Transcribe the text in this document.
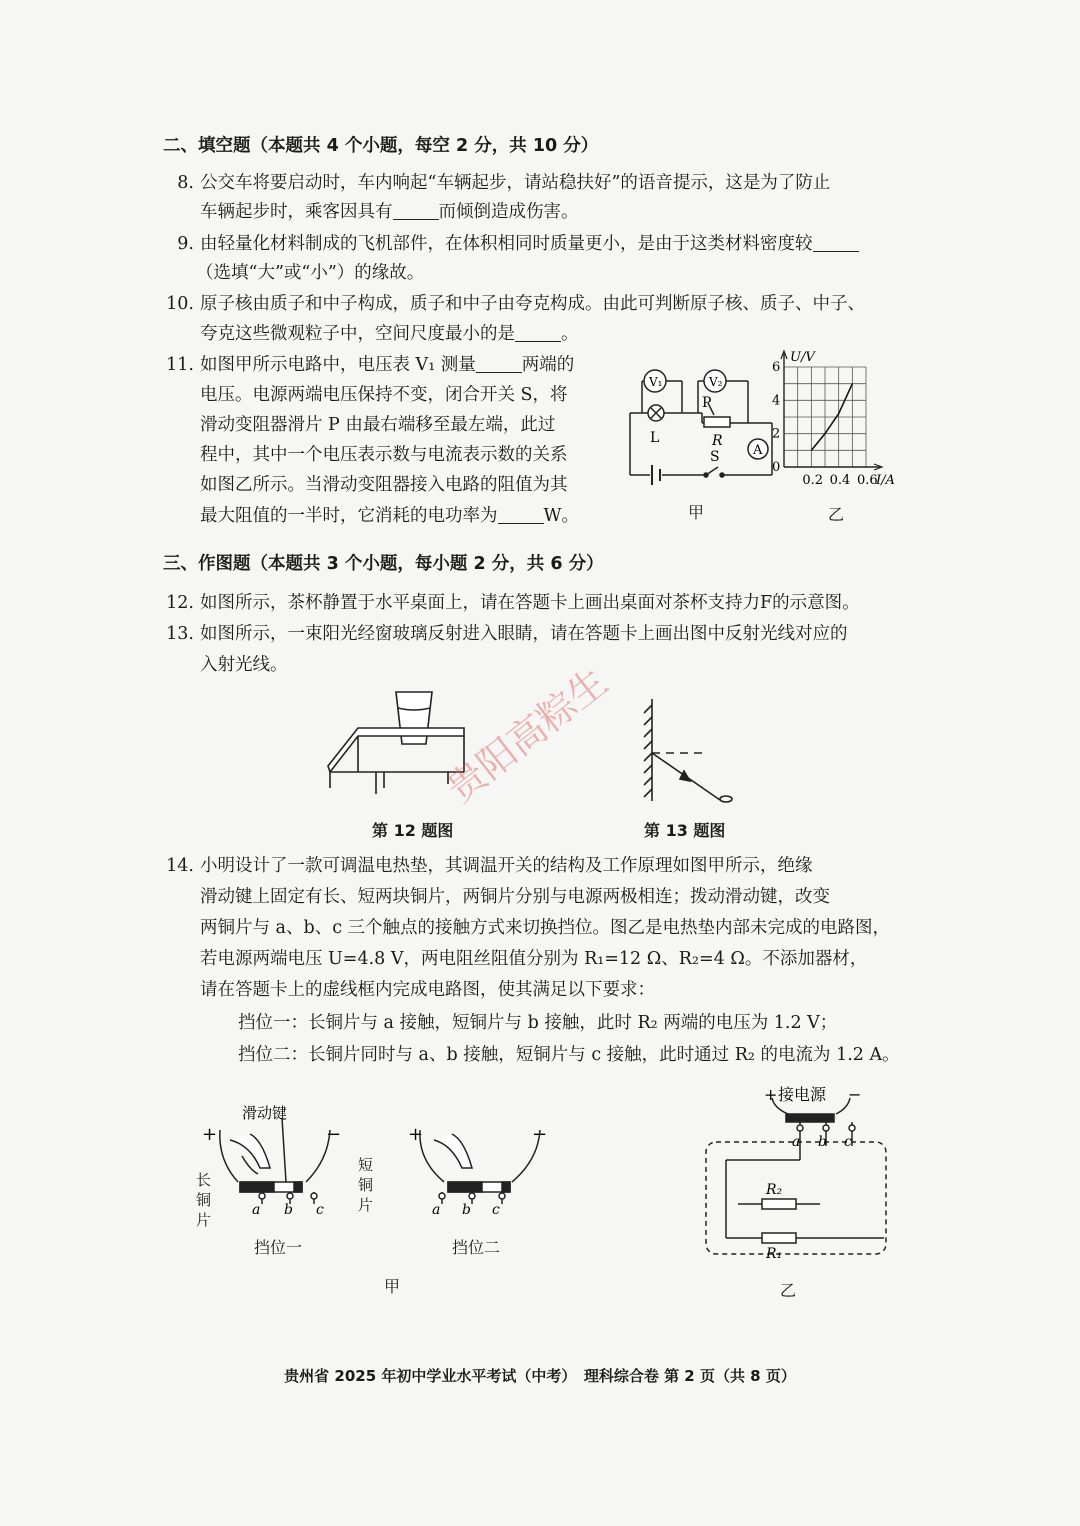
二、填空题（本题共 4 个小题，每空 2 分，共 10 分）
8. 公交车将要启动时，车内响起“车辆起步，请站稳扶好”的语音提示，这是为了防止
车辆起步时，乘客因具有	而倾倒造成伤害。
9. 由轻量化材料制成的飞机部件，在体积相同时质量更小，是由于这类材料密度较
（选填“大”或“小”）的缘故。
10. 原子核由质子和中子构成，质子和中子由夸克构成。由此可判断原子核、质子、中子、
夸克这些微观粒子中，空间尺度最小的是	。
11. 如图甲所示电路中，电压表 V₁ 测量	两端的
电压。电源两端电压保持不变，闭合开关 S，将
滑动变阻器滑片 P 由最右端移至最左端，此过
程中，其中一个电压表示数与电流表示数的关系
如图乙所示。当滑动变阻器接入电路的阻值为其
最大阻值的一半时，它消耗的电功率为	W。
V₁	V₂
L
P
R
A
S
甲
0
2
4
6
0.2 0.4 0.6
I/A
U/V
乙
三、作图题（本题共 3 个小题，每小题 2 分，共 6 分）
12. 如图所示，茶杯静置于水平桌面上，请在答题卡上画出桌面对茶杯支持力F的示意图。
13. 如图所示，一束阳光经窗玻璃反射进入眼睛，请在答题卡上画出图中反射光线对应的
入射光线。
第 12 题图	第 13 题图
贵阳高粽生
14. 小明设计了一款可调温电热垫，其调温开关的结构及工作原理如图甲所示，绝缘
滑动键上固定有长、短两块铜片，两铜片分别与电源两极相连；拨动滑动键，改变
两铜片与 a、b、c 三个触点的接触方式来切换挡位。图乙是电热垫内部未完成的电路图，
若电源两端电压 U=4.8 V，两电阻丝阻值分别为 R₁=12 Ω、R₂=4 Ω。不添加器材，
请在答题卡上的虚线框内完成电路图，使其满足以下要求：
挡位一：长铜片与 a 接触，短铜片与 b 接触，此时 R₂ 两端的电压为 1.2 V；
挡位二：长铜片同时与 a、b 接触，短铜片与 c 接触，此时通过 R₂ 的电流为 1.2 A。
+	−	+	−
滑动键
a b c	a b c
长铜片
短铜片
挡位一	挡位二
甲
+ 接电源 −
a b c
R₂
R₁
乙
贵州省 2025 年初中学业水平考试（中考）　理科综合卷 第 2 页（共 8 页）
